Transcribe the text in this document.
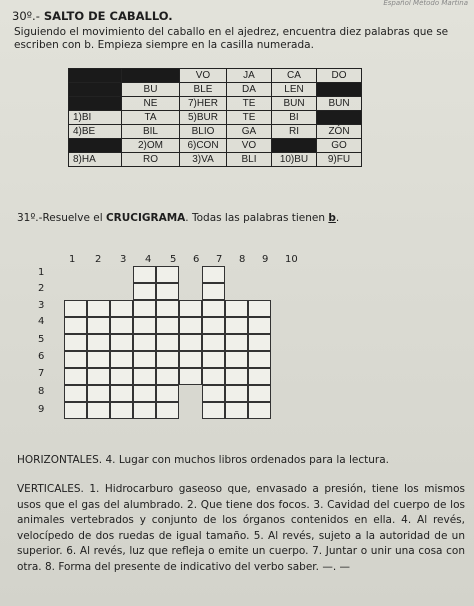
Español Método Martina
30º.- SALTO DE CABALLO.
Siguiendo el movimiento del caballo en el ajedrez, encuentra diez palabras que se escriben con b. Empieza siempre en la casilla numerada.
		VO	JA	CA	DO
	BU	BLE	DA	LEN	
	NE	7)HER	TE	BUN	BUN
1)BI	TA	5)BUR	TE	BI	
4)BE	BIL	BLIO	GA	RI	ZÓN
	2)OM	6)CON	VO		GO
8)HA	RO	3)VA	BLI	10)BU	9)FU
31º.-Resuelve el CRUCIGRAMA. Todas las palabras tienen b.
1 2 3 4 5 6 7 8 9 10
1
2
3
4
5
6
7
8
9
HORIZONTALES. 4. Lugar con muchos libros ordenados para la lectura.
VERTICALES. 1. Hidrocarburo gaseoso que, envasado a presión, tiene los mismos usos que el gas del alumbrado. 2. Que tiene dos focos. 3. Cavidad del cuerpo de los animales vertebrados y conjunto de los órganos contenidos en ella. 4. Al revés, velocípedo de dos ruedas de igual tamaño. 5. Al revés, sujeto a la autoridad de un superior. 6. Al revés, luz que refleja o emite un cuerpo. 7. Juntar o unir una cosa con otra. 8. Forma del presente de indicativo del verbo saber. —. —
